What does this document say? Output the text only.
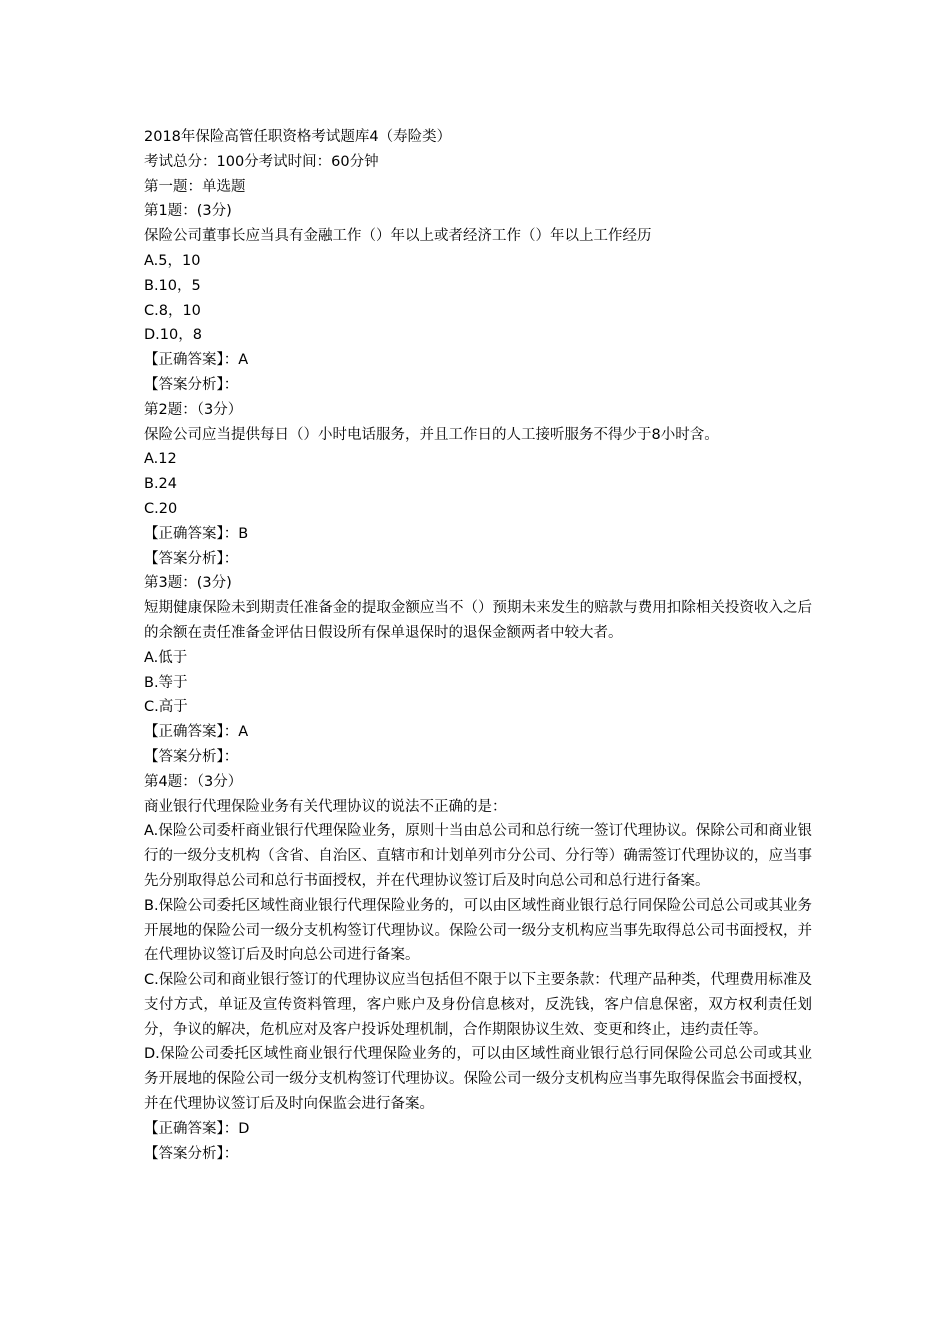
2018年保险高管任职资格考试题库4（寿险类）

考试总分：100分考试时间：60分钟

第一题：单选题

第1题：(3分)

保险公司董事长应当具有金融工作（）年以上或者经济工作（）年以上工作经历

A.5，10

B.10，5

C.8，10

D.10，8

【正确答案】：A

【答案分析】：

第2题：（3分）

保险公司应当提供每日（）小时电话服务，并且工作日的人工接听服务不得少于8小时含。

A.12

B.24

C.20

【正确答案】：B

【答案分析】：

第3题：(3分)

短期健康保险未到期责任准备金的提取金额应当不（）预期未来发生的赔款与费用扣除相关投资收入之后的余额在责任准备金评估日假设所有保单退保时的退保金额两者中较大者。

A.低于

B.等于

C.高于

【正确答案】：A

【答案分析】：

第4题：（3分）

商业银行代理保险业务有关代理协议的说法不正确的是：

A.保险公司委杆商业银行代理保险业务，原则十当由总公司和总行统一签订代理协议。保除公司和商业银行的一级分支机构（含省、自治区、直辖市和计划单列市分公司、分行等）确需签订代理协议的，应当事先分别取得总公司和总行书面授权，并在代理协议签订后及时向总公司和总行进行备案。

B.保险公司委托区域性商业银行代理保险业务的，可以由区域性商业银行总行同保险公司总公司或其业务开展地的保险公司一级分支机构签订代理协议。保险公司一级分支机构应当事先取得总公司书面授权，并在代理协议签订后及时向总公司进行备案。

C.保险公司和商业银行签订的代理协议应当包括但不限于以下主要条款：代理产品种类，代理费用标准及支付方式，单证及宣传资料管理，客户账户及身份信息核对，反洗钱，客户信息保密，双方权利责任划分，争议的解决，危机应对及客户投诉处理机制，合作期限协议生效、变更和终止，违约责任等。

D.保险公司委托区域性商业银行代理保险业务的，可以由区域性商业银行总行同保险公司总公司或其业务开展地的保险公司一级分支机构签订代理协议。保险公司一级分支机构应当事先取得保监会书面授权，并在代理协议签订后及时向保监会进行备案。

【正确答案】：D

【答案分析】：
